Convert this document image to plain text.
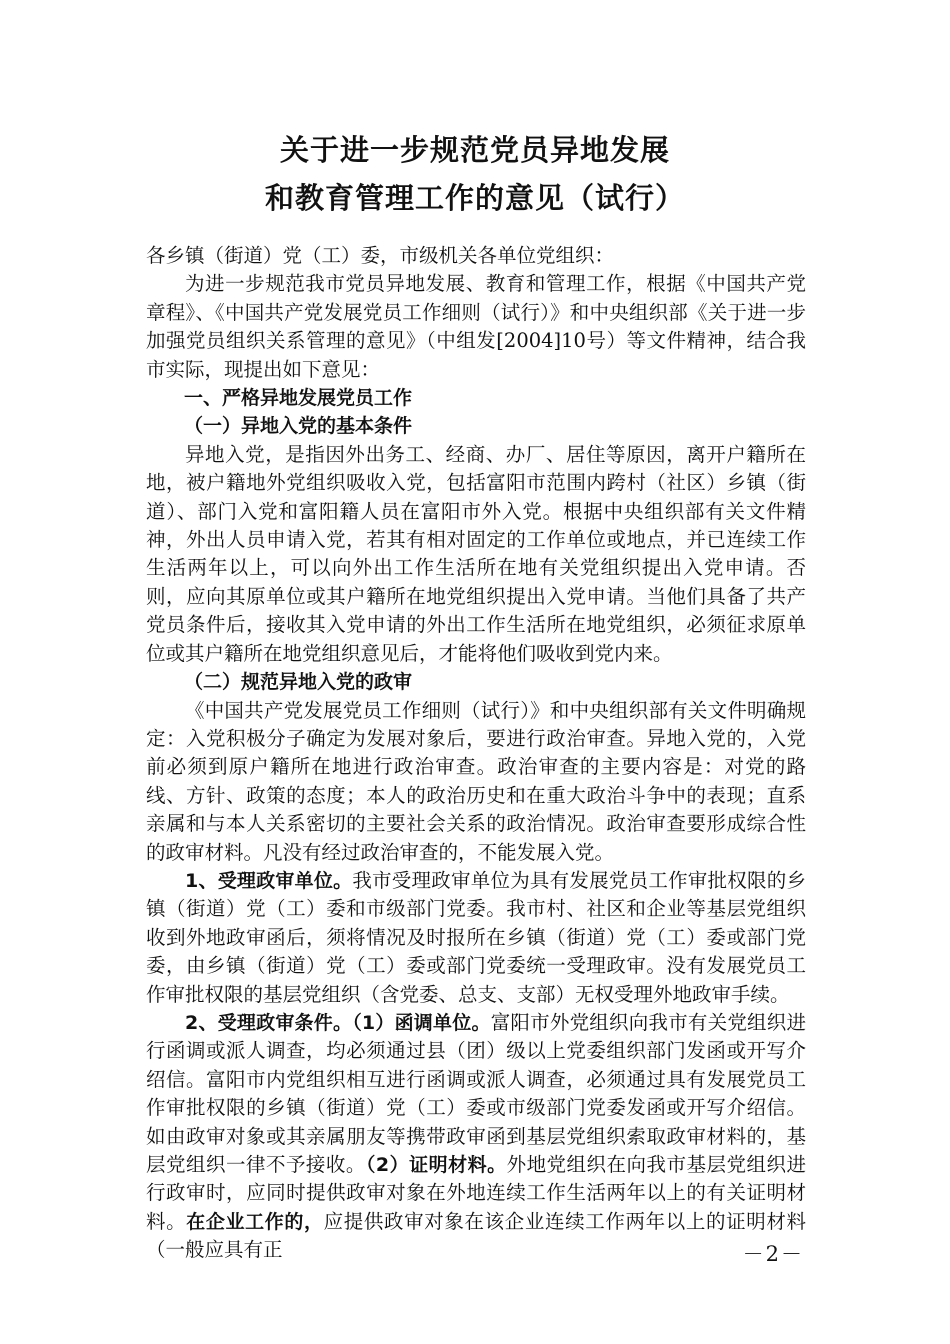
关于进一步规范党员异地发展
和教育管理工作的意见（试行）

各乡镇（街道）党（工）委，市级机关各单位党组织：

为进一步规范我市党员异地发展、教育和管理工作，根据《中国共产党章程》、《中国共产党发展党员工作细则（试行）》和中央组织部《关于进一步加强党员组织关系管理的意见》（中组发[2004]10号）等文件精神，结合我市实际，现提出如下意见：

一、严格异地发展党员工作

（一）异地入党的基本条件

异地入党，是指因外出务工、经商、办厂、居住等原因，离开户籍所在地，被户籍地外党组织吸收入党，包括富阳市范围内跨村（社区）乡镇（街道）、部门入党和富阳籍人员在富阳市外入党。根据中央组织部有关文件精神，外出人员申请入党，若其有相对固定的工作单位或地点，并已连续工作生活两年以上，可以向外出工作生活所在地有关党组织提出入党申请。否则，应向其原单位或其户籍所在地党组织提出入党申请。当他们具备了共产党员条件后，接收其入党申请的外出工作生活所在地党组织，必须征求原单位或其户籍所在地党组织意见后，才能将他们吸收到党内来。

（二）规范异地入党的政审

《中国共产党发展党员工作细则（试行）》和中央组织部有关文件明确规定：入党积极分子确定为发展对象后，要进行政治审查。异地入党的，入党前必须到原户籍所在地进行政治审查。政治审查的主要内容是：对党的路线、方针、政策的态度；本人的政治历史和在重大政治斗争中的表现；直系亲属和与本人关系密切的主要社会关系的政治情况。政治审查要形成综合性的政审材料。凡没有经过政治审查的，不能发展入党。

1、受理政审单位。我市受理政审单位为具有发展党员工作审批权限的乡镇（街道）党（工）委和市级部门党委。我市村、社区和企业等基层党组织收到外地政审函后，须将情况及时报所在乡镇（街道）党（工）委或部门党委，由乡镇（街道）党（工）委或部门党委统一受理政审。没有发展党员工作审批权限的基层党组织（含党委、总支、支部）无权受理外地政审手续。

2、受理政审条件。（1）函调单位。富阳市外党组织向我市有关党组织进行函调或派人调查，均必须通过县（团）级以上党委组织部门发函或开写介绍信。富阳市内党组织相互进行函调或派人调查，必须通过具有发展党员工作审批权限的乡镇（街道）党（工）委或市级部门党委发函或开写介绍信。如由政审对象或其亲属朋友等携带政审函到基层党组织索取政审材料的，基层党组织一律不予接收。（2）证明材料。外地党组织在向我市基层党组织进行政审时，应同时提供政审对象在外地连续工作生活两年以上的有关证明材料。在企业工作的，应提供政审对象在该企业连续工作两年以上的证明材料（一般应具有正	－2－
